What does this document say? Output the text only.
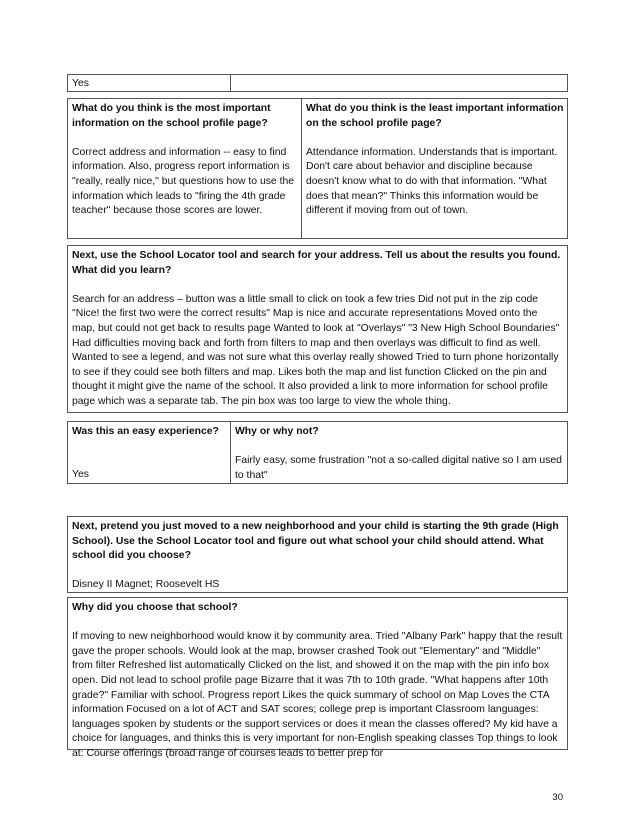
Yes

What do you think is the most important information on the school profile page?

Correct address and information -- easy to find information. Also, progress report information is "really, really nice," but questions how to use the information which leads to "firing the 4th grade teacher" because those scores are lower.

What do you think is the least important information on the school profile page?

Attendance information. Understands that is important. Don't care about behavior and discipline because doesn't know what to do with that information. "What does that mean?" Thinks this information would be different if moving from out of town.

Next, use the School Locator tool and search for your address. Tell us about the results you found. What did you learn?

Search for an address – button was a little small to click on took a few tries Did not put in the zip code "Nice! the first two were the correct results" Map is nice and accurate representations Moved onto the map, but could not get back to results page Wanted to look at "Overlays" "3 New High School Boundaries" Had difficulties moving back and forth from filters to map and then overlays was difficult to find as well. Wanted to see a legend, and was not sure what this overlay really showed Tried to turn phone horizontally to see if they could see both filters and map. Likes both the map and list function Clicked on the pin and thought it might give the name of the school. It also provided a link to more information for school profile page which was a separate tab. The pin box was too large to view the whole thing.

Was this an easy experience?

Yes

Why or why not?

Fairly easy, some frustration "not a so-called digital native so I am used to that"

Next, pretend you just moved to a new neighborhood and your child is starting the 9th grade (High School). Use the School Locator tool and figure out what school your child should attend. What school did you choose?

Disney II Magnet; Roosevelt HS

Why did you choose that school?

If moving to new neighborhood would know it by community area. Tried "Albany Park" happy that the result gave the proper schools. Would look at the map, browser crashed Took out "Elementary" and "Middle" from filter Refreshed list automatically Clicked on the list, and showed it on the map with the pin info box open. Did not lead to school profile page Bizarre that it was 7th to 10th grade. "What happens after 10th grade?" Familiar with school. Progress report Likes the quick summary of school on Map Loves the CTA information Focused on a lot of ACT and SAT scores; college prep is important Classroom languages: languages spoken by students or the support services or does it mean the classes offered? My kid have a choice for languages, and thinks this is very important for non-English speaking classes Top things to look at: Course offerings (broad range of courses leads to better prep for

30
